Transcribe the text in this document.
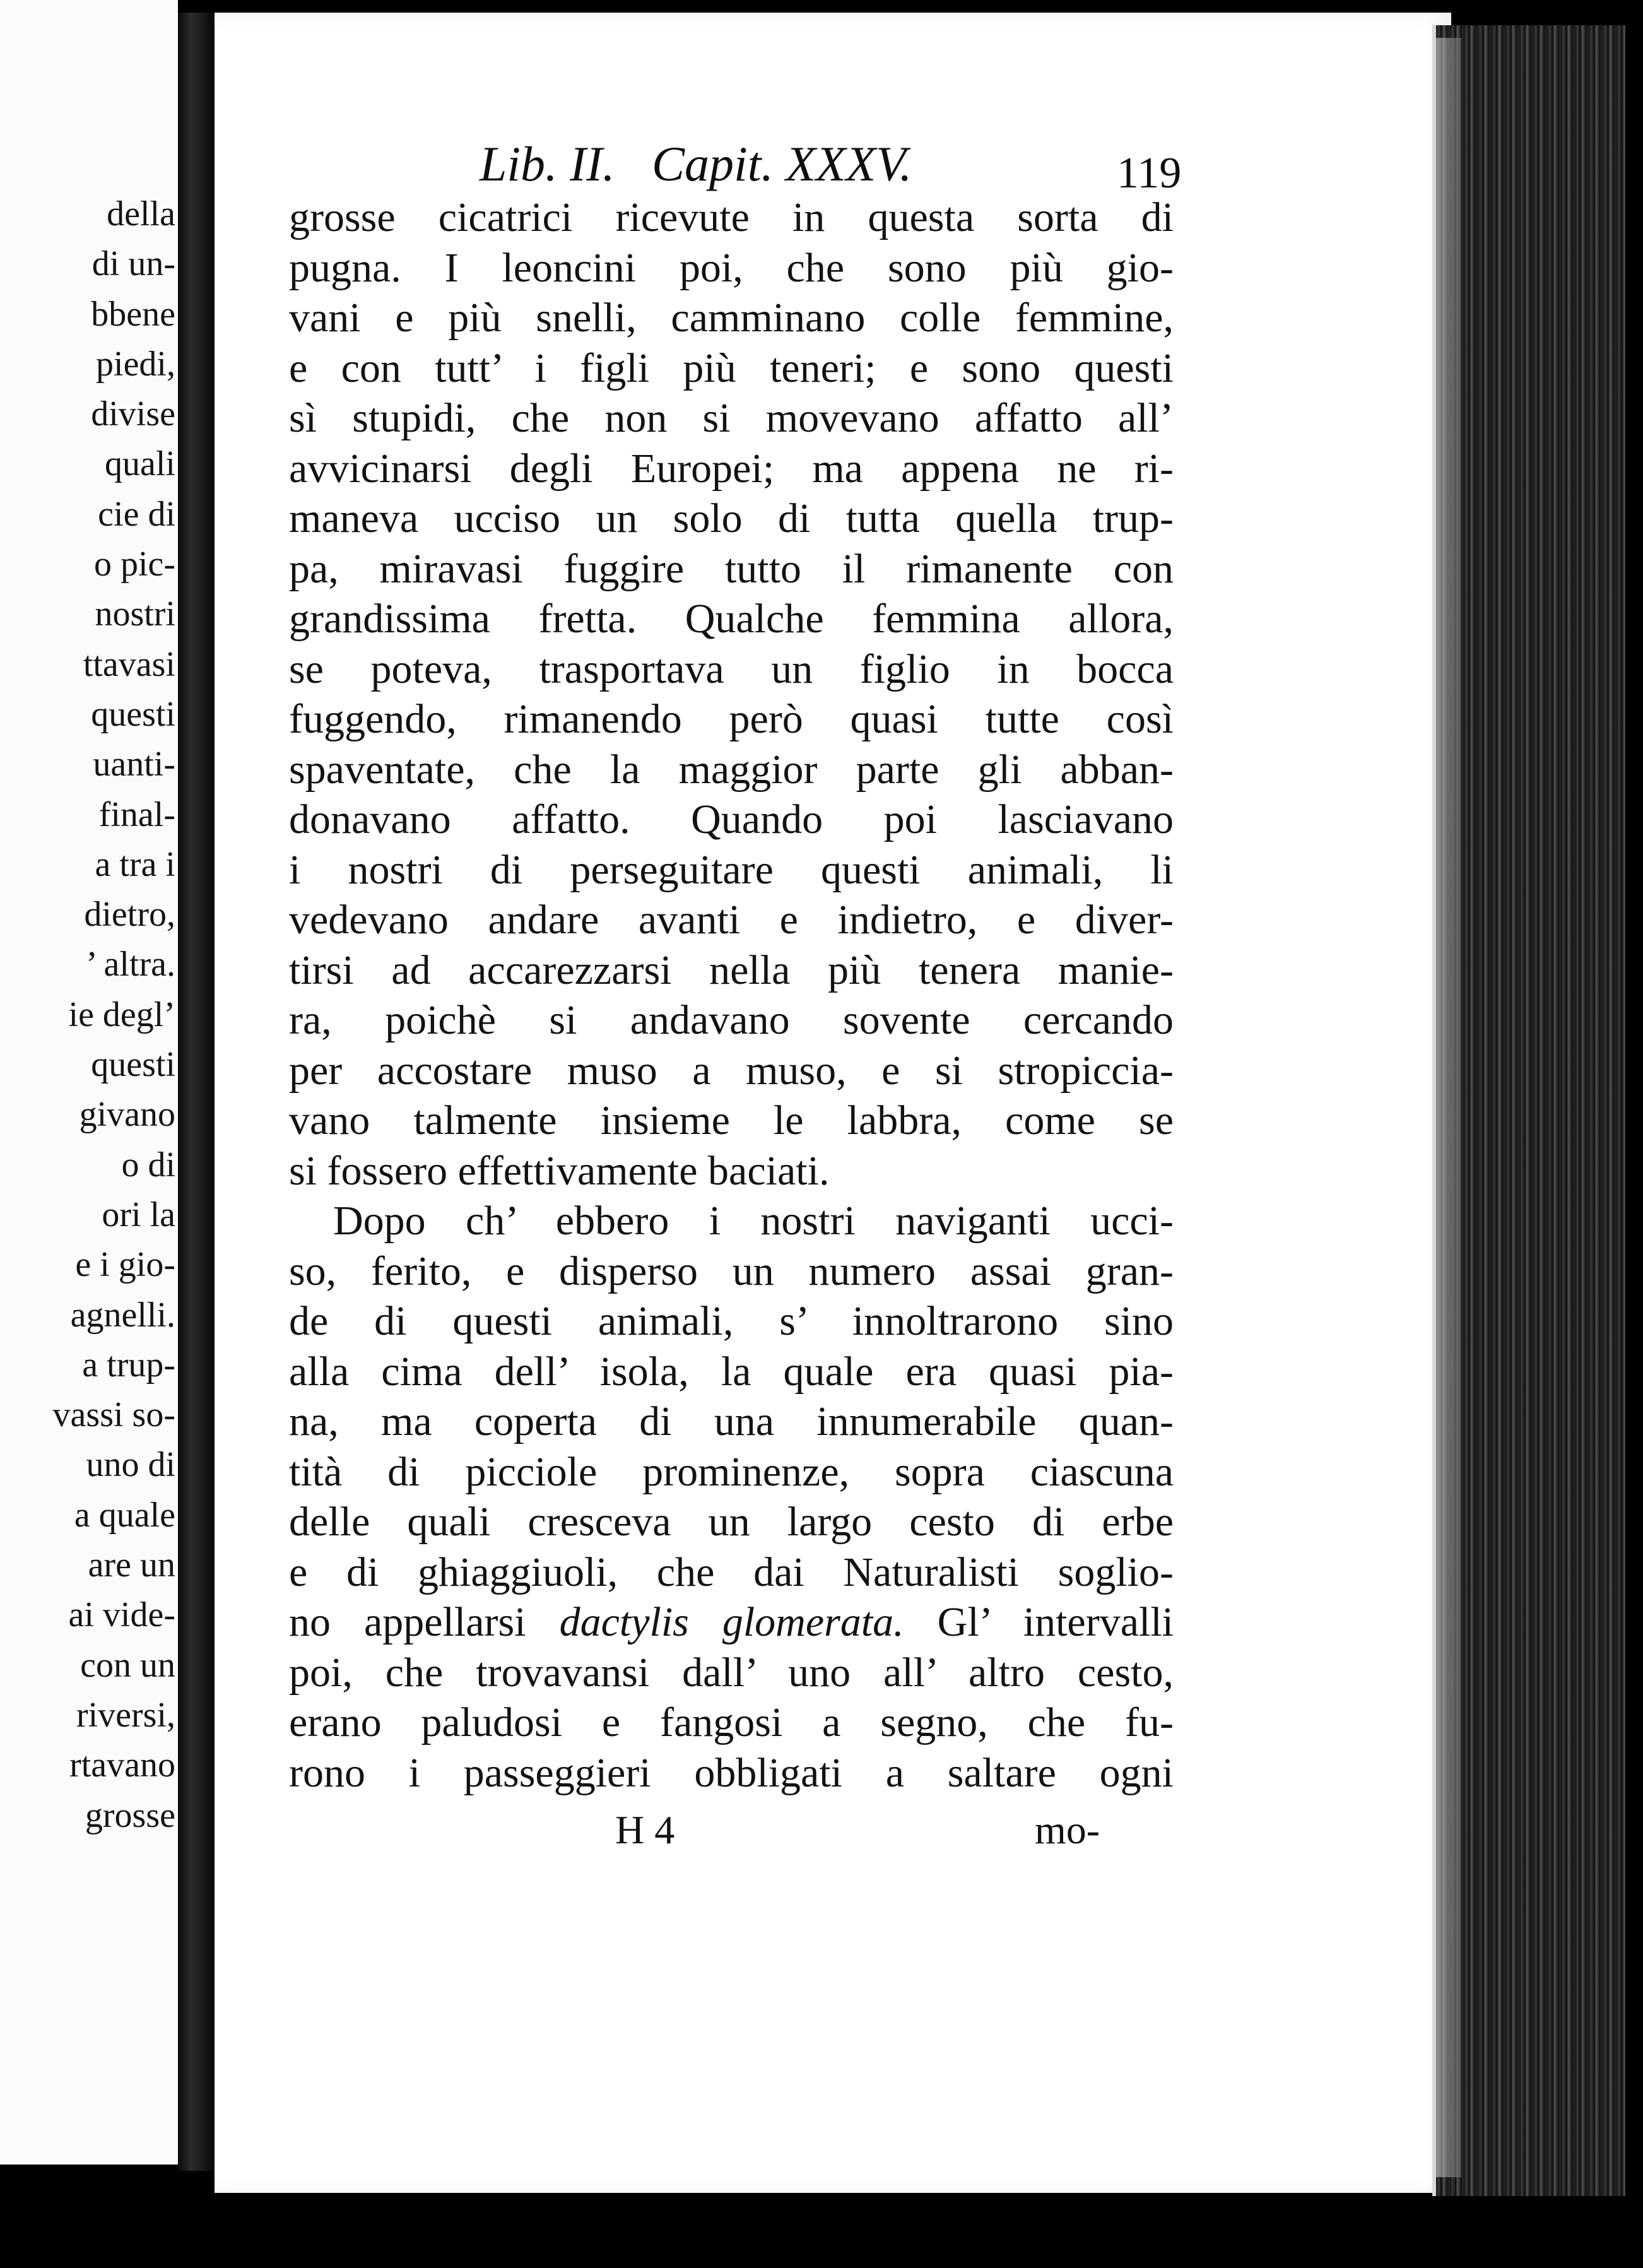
della
di un-
bbene
piedi,
divise
quali
cie di
o pic-
nostri
ttavasi
questi
uanti-
final-
a tra i
dietro,
’ altra.
ie degl’
questi
givano
o di
ori la
e i gio-
agnelli.
a trup-
vassi so-
uno di
a quale
are un
ai vide-
con un
riversi,
rtavano
grosse
Lib. II.   Capit. XXXV.	119
grosse cicatrici ricevute in questa sorta di
pugna. I leoncini poi, che sono più gio-
vani e più snelli, camminano colle femmine,
e con tutt’ i figli più teneri; e sono questi
sì stupidi, che non si movevano affatto all’
avvicinarsi degli Europei; ma appena ne ri-
maneva ucciso un solo di tutta quella trup-
pa, miravasi fuggire tutto il rimanente con
grandissima fretta. Qualche femmina allora,
se poteva, trasportava un figlio in bocca
fuggendo, rimanendo però quasi tutte così
spaventate, che la maggior parte gli abban-
donavano affatto. Quando poi lasciavano
i nostri di perseguitare questi animali, li
vedevano andare avanti e indietro, e diver-
tirsi ad accarezzarsi nella più tenera manie-
ra, poichè si andavano sovente cercando
per accostare muso a muso, e si stropiccia-
vano talmente insieme le labbra, come se
si fossero effettivamente baciati.
Dopo ch’ ebbero i nostri naviganti ucci-
so, ferito, e disperso un numero assai gran-
de di questi animali, s’ innoltrarono sino
alla cima dell’ isola, la quale era quasi pia-
na, ma coperta di una innumerabile quan-
tità di picciole prominenze, sopra ciascuna
delle quali cresceva un largo cesto di erbe
e di ghiaggiuoli, che dai Naturalisti soglio-
no appellarsi dactylis glomerata. Gl’ intervalli
poi, che trovavansi dall’ uno all’ altro cesto,
erano paludosi e fangosi a segno, che fu-
rono i passeggieri obbligati a saltare ogni
H 4	mo-
